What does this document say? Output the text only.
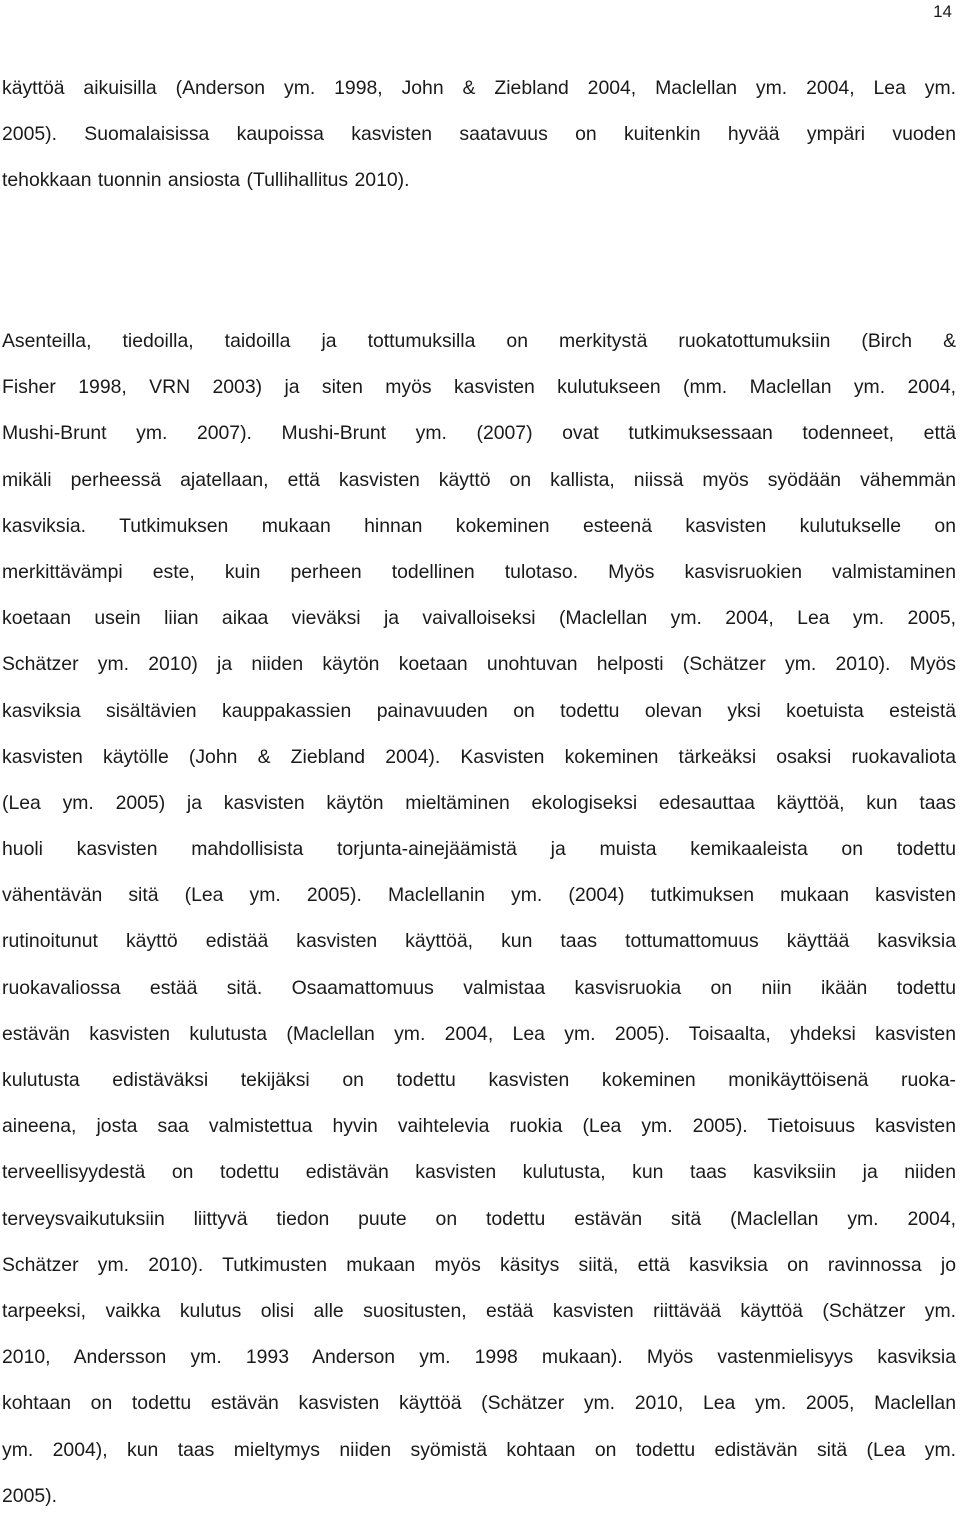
14
käyttöä aikuisilla (Anderson ym. 1998, John & Ziebland 2004, Maclellan ym. 2004, Lea ym.
2005). Suomalaisissa kaupoissa kasvisten saatavuus on kuitenkin hyvää ympäri vuoden
tehokkaan tuonnin ansiosta (Tullihallitus 2010).
Asenteilla, tiedoilla, taidoilla ja tottumuksilla on merkitystä ruokatottumuksiin (Birch &
Fisher 1998, VRN 2003) ja siten myös kasvisten kulutukseen (mm. Maclellan ym. 2004,
Mushi-Brunt ym. 2007). Mushi-Brunt ym. (2007) ovat tutkimuksessaan todenneet, että
mikäli perheessä ajatellaan, että kasvisten käyttö on kallista, niissä myös syödään vähemmän
kasviksia. Tutkimuksen mukaan hinnan kokeminen esteenä kasvisten kulutukselle on
merkittävämpi este, kuin perheen todellinen tulotaso. Myös kasvisruokien valmistaminen
koetaan usein liian aikaa vieväksi ja vaivalloiseksi (Maclellan ym. 2004, Lea ym. 2005,
Schätzer ym. 2010) ja niiden käytön koetaan unohtuvan helposti (Schätzer ym. 2010). Myös
kasviksia sisältävien kauppakassien painavuuden on todettu olevan yksi koetuista esteistä
kasvisten käytölle (John & Ziebland 2004). Kasvisten kokeminen tärkeäksi osaksi ruokavaliota
(Lea ym. 2005) ja kasvisten käytön mieltäminen ekologiseksi edesauttaa käyttöä, kun taas
huoli kasvisten mahdollisista torjunta-ainejäämistä ja muista kemikaaleista on todettu
vähentävän sitä (Lea ym. 2005). Maclellanin ym. (2004) tutkimuksen mukaan kasvisten
rutinoitunut käyttö edistää kasvisten käyttöä, kun taas tottumattomuus käyttää kasviksia
ruokavaliossa estää sitä. Osaamattomuus valmistaa kasvisruokia on niin ikään todettu
estävän kasvisten kulutusta (Maclellan ym. 2004, Lea ym. 2005). Toisaalta, yhdeksi kasvisten
kulutusta edistäväksi tekijäksi on todettu kasvisten kokeminen monikäyttöisenä ruoka-
aineena, josta saa valmistettua hyvin vaihtelevia ruokia (Lea ym. 2005). Tietoisuus kasvisten
terveellisyydestä on todettu edistävän kasvisten kulutusta, kun taas kasviksiin ja niiden
terveysvaikutuksiin liittyvä tiedon puute on todettu estävän sitä (Maclellan ym. 2004,
Schätzer ym. 2010). Tutkimusten mukaan myös käsitys siitä, että kasviksia on ravinnossa jo
tarpeeksi, vaikka kulutus olisi alle suositusten, estää kasvisten riittävää käyttöä (Schätzer ym.
2010, Andersson ym. 1993 Anderson ym. 1998 mukaan). Myös vastenmielisyys kasviksia
kohtaan on todettu estävän kasvisten käyttöä (Schätzer ym. 2010, Lea ym. 2005, Maclellan
ym. 2004), kun taas mieltymys niiden syömistä kohtaan on todettu edistävän sitä (Lea ym.
2005).
